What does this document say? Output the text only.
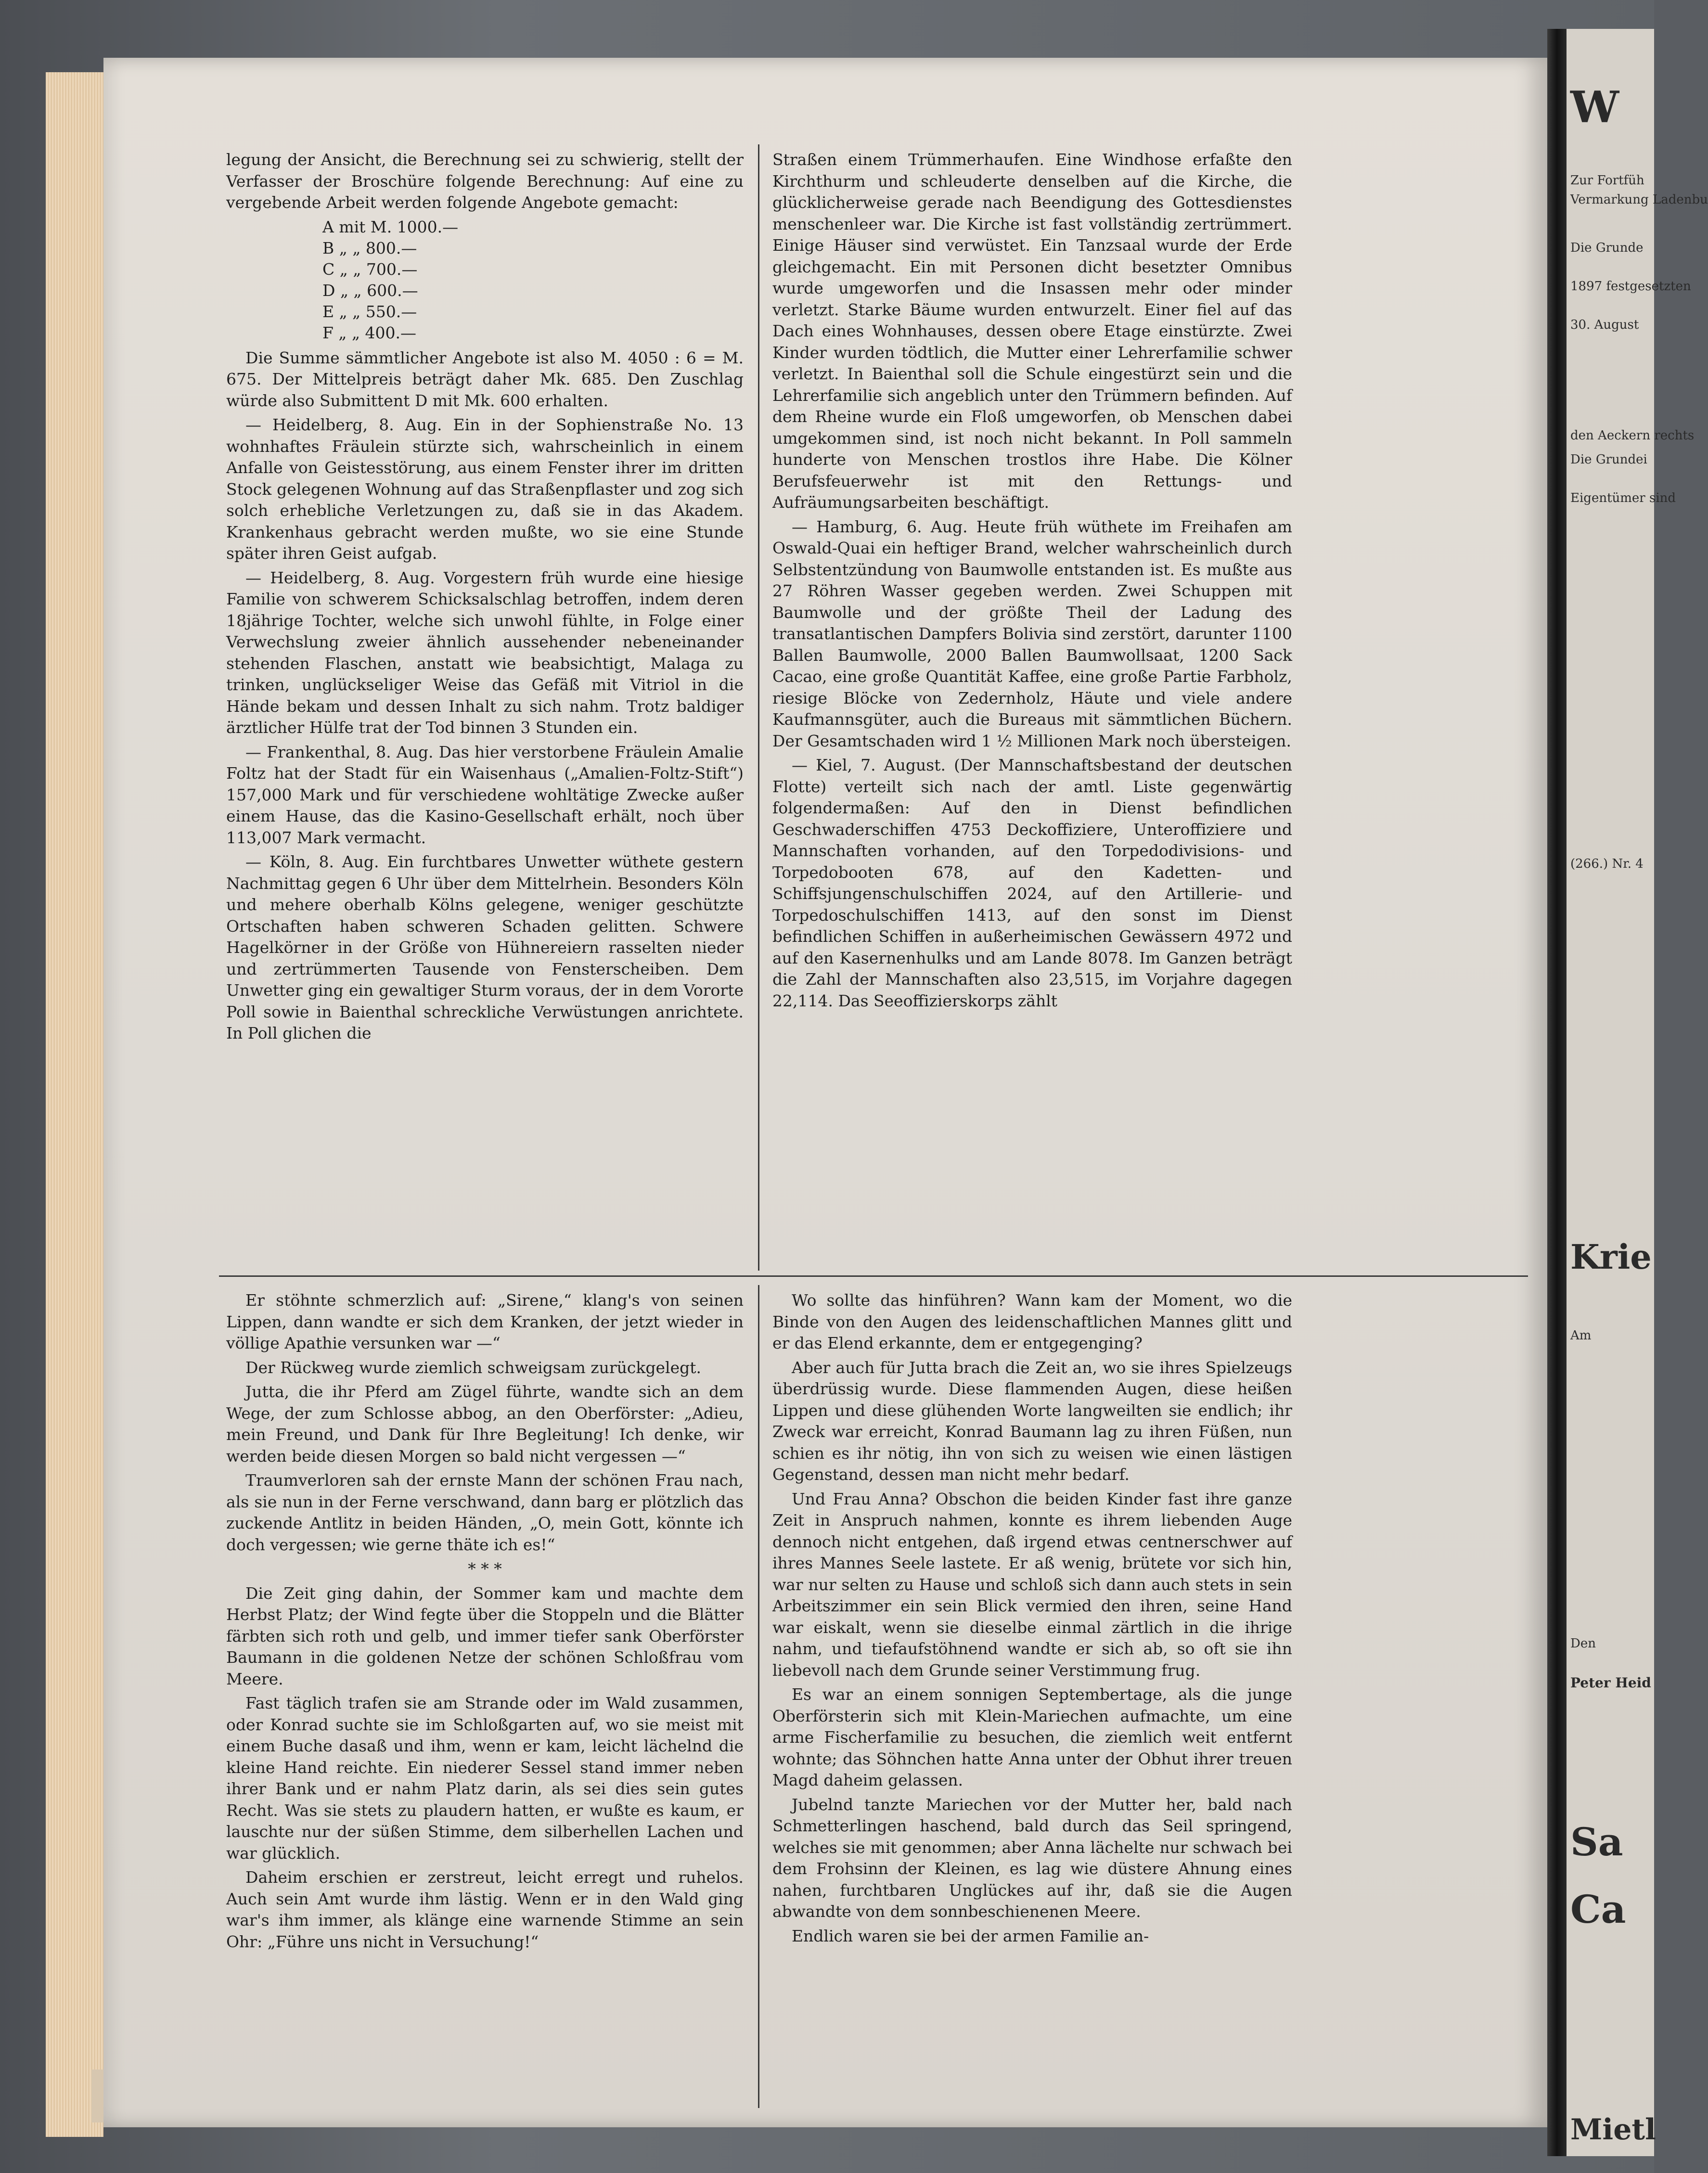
legung der Ansicht, die Berechnung sei zu schwierig, stellt der Verfasser der Broschüre folgende Berechnung: Auf eine zu vergebende Arbeit werden folgende Angebote gemacht:

A mit M. 1000.—
B „ „ 800.—
C „ „ 700.—
D „ „ 600.—
E „ „ 550.—
F „ „ 400.—

Die Summe sämmtlicher Angebote ist also M. 4050 : 6 = M. 675. Der Mittelpreis beträgt daher Mk. 685. Den Zuschlag würde also Submittent D mit Mk. 600 erhalten.

— Heidelberg, 8. Aug. Ein in der Sophienstraße No. 13 wohnhaftes Fräulein stürzte sich, wahrscheinlich in einem Anfalle von Geistesstörung, aus einem Fenster ihrer im dritten Stock gelegenen Wohnung auf das Straßenpflaster und zog sich solch erhebliche Verletzungen zu, daß sie in das Akadem. Krankenhaus gebracht werden mußte, wo sie eine Stunde später ihren Geist aufgab.

— Heidelberg, 8. Aug. Vorgestern früh wurde eine hiesige Familie von schwerem Schicksalschlag betroffen, indem deren 18jährige Tochter, welche sich unwohl fühlte, in Folge einer Verwechslung zweier ähnlich aussehender nebeneinander stehenden Flaschen, anstatt wie beabsichtigt, Malaga zu trinken, unglückseliger Weise das Gefäß mit Vitriol in die Hände bekam und dessen Inhalt zu sich nahm. Trotz baldiger ärztlicher Hülfe trat der Tod binnen 3 Stunden ein.

— Frankenthal, 8. Aug. Das hier verstorbene Fräulein Amalie Foltz hat der Stadt für ein Waisenhaus („Amalien-Foltz-Stift“) 157,000 Mark und für verschiedene wohltätige Zwecke außer einem Hause, das die Kasino-Gesellschaft erhält, noch über 113,007 Mark vermacht.

— Köln, 8. Aug. Ein furchtbares Unwetter wüthete gestern Nachmittag gegen 6 Uhr über dem Mittelrhein. Besonders Köln und mehere oberhalb Kölns gelegene, weniger geschützte Ortschaften haben schweren Schaden gelitten. Schwere Hagelkörner in der Größe von Hühnereiern rasselten nieder und zertrümmerten Tausende von Fensterscheiben. Dem Unwetter ging ein gewaltiger Sturm voraus, der in dem Vororte Poll sowie in Baienthal schreckliche Verwüstungen anrichtete. In Poll glichen die

Straßen einem Trümmerhaufen. Eine Windhose erfaßte den Kirchthurm und schleuderte denselben auf die Kirche, die glücklicherweise gerade nach Beendigung des Gottesdienstes menschenleer war. Die Kirche ist fast vollständig zertrümmert. Einige Häuser sind verwüstet. Ein Tanzsaal wurde der Erde gleichgemacht. Ein mit Personen dicht besetzter Omnibus wurde umgeworfen und die Insassen mehr oder minder verletzt. Starke Bäume wurden entwurzelt. Einer fiel auf das Dach eines Wohnhauses, dessen obere Etage einstürzte. Zwei Kinder wurden tödtlich, die Mutter einer Lehrerfamilie schwer verletzt. In Baienthal soll die Schule eingestürzt sein und die Lehrerfamilie sich angeblich unter den Trümmern befinden. Auf dem Rheine wurde ein Floß umgeworfen, ob Menschen dabei umgekommen sind, ist noch nicht bekannt. In Poll sammeln hunderte von Menschen trostlos ihre Habe. Die Kölner Berufsfeuerwehr ist mit den Rettungs- und Aufräumungsarbeiten beschäftigt.

— Hamburg, 6. Aug. Heute früh wüthete im Freihafen am Oswald-Quai ein heftiger Brand, welcher wahrscheinlich durch Selbstentzündung von Baumwolle entstanden ist. Es mußte aus 27 Röhren Wasser gegeben werden. Zwei Schuppen mit Baumwolle und der größte Theil der Ladung des transatlantischen Dampfers Bolivia sind zerstört, darunter 1100 Ballen Baumwolle, 2000 Ballen Baumwollsaat, 1200 Sack Cacao, eine große Quantität Kaffee, eine große Partie Farbholz, riesige Blöcke von Zedernholz, Häute und viele andere Kaufmannsgüter, auch die Bureaus mit sämmtlichen Büchern. Der Gesamtschaden wird 1 ½ Millionen Mark noch übersteigen.

— Kiel, 7. August. (Der Mannschaftsbestand der deutschen Flotte) verteilt sich nach der amtl. Liste gegenwärtig folgendermaßen: Auf den in Dienst befindlichen Geschwaderschiffen 4753 Deckoffiziere, Unteroffiziere und Mannschaften vorhanden, auf den Torpedodivisions- und Torpedobooten 678, auf den Kadetten- und Schiffsjungenschulschiffen 2024, auf den Artillerie- und Torpedoschulschiffen 1413, auf den sonst im Dienst befindlichen Schiffen in außerheimischen Gewässern 4972 und auf den Kasernenhulks und am Lande 8078. Im Ganzen beträgt die Zahl der Mannschaften also 23,515, im Vorjahre dagegen 22,114. Das Seeoffizierskorps zählt

Er stöhnte schmerzlich auf: „Sirene,“ klang's von seinen Lippen, dann wandte er sich dem Kranken, der jetzt wieder in völlige Apathie versunken war —“

Der Rückweg wurde ziemlich schweigsam zurückgelegt.

Jutta, die ihr Pferd am Zügel führte, wandte sich an dem Wege, der zum Schlosse abbog, an den Oberförster: „Adieu, mein Freund, und Dank für Ihre Begleitung! Ich denke, wir werden beide diesen Morgen so bald nicht vergessen —“

Traumverloren sah der ernste Mann der schönen Frau nach, als sie nun in der Ferne verschwand, dann barg er plötzlich das zuckende Antlitz in beiden Händen, „O, mein Gott, könnte ich doch vergessen; wie gerne thäte ich es!“

* * *

Die Zeit ging dahin, der Sommer kam und machte dem Herbst Platz; der Wind fegte über die Stoppeln und die Blätter färbten sich roth und gelb, und immer tiefer sank Oberförster Baumann in die goldenen Netze der schönen Schloßfrau vom Meere.

Fast täglich trafen sie am Strande oder im Wald zusammen, oder Konrad suchte sie im Schloßgarten auf, wo sie meist mit einem Buche dasaß und ihm, wenn er kam, leicht lächelnd die kleine Hand reichte. Ein niederer Sessel stand immer neben ihrer Bank und er nahm Platz darin, als sei dies sein gutes Recht. Was sie stets zu plaudern hatten, er wußte es kaum, er lauschte nur der süßen Stimme, dem silberhellen Lachen und war glücklich.

Daheim erschien er zerstreut, leicht erregt und ruhelos. Auch sein Amt wurde ihm lästig. Wenn er in den Wald ging war's ihm immer, als klänge eine warnende Stimme an sein Ohr: „Führe uns nicht in Versuchung!“

Wo sollte das hinführen? Wann kam der Moment, wo die Binde von den Augen des leidenschaftlichen Mannes glitt und er das Elend erkannte, dem er entgegenging?

Aber auch für Jutta brach die Zeit an, wo sie ihres Spielzeugs überdrüssig wurde. Diese flammenden Augen, diese heißen Lippen und diese glühenden Worte langweilten sie endlich; ihr Zweck war erreicht, Konrad Baumann lag zu ihren Füßen, nun schien es ihr nötig, ihn von sich zu weisen wie einen lästigen Gegenstand, dessen man nicht mehr bedarf.

Und Frau Anna? Obschon die beiden Kinder fast ihre ganze Zeit in Anspruch nahmen, konnte es ihrem liebenden Auge dennoch nicht entgehen, daß irgend etwas centnerschwer auf ihres Mannes Seele lastete. Er aß wenig, brütete vor sich hin, war nur selten zu Hause und schloß sich dann auch stets in sein Arbeitszimmer ein sein Blick vermied den ihren, seine Hand war eiskalt, wenn sie dieselbe einmal zärtlich in die ihrige nahm, und tiefaufstöhnend wandte er sich ab, so oft sie ihn liebevoll nach dem Grunde seiner Verstimmung frug.

Es war an einem sonnigen Septembertage, als die junge Oberförsterin sich mit Klein-Mariechen aufmachte, um eine arme Fischerfamilie zu besuchen, die ziemlich weit entfernt wohnte; das Söhnchen hatte Anna unter der Obhut ihrer treuen Magd daheim gelassen.

Jubelnd tanzte Mariechen vor der Mutter her, bald nach Schmetterlingen haschend, bald durch das Seil springend, welches sie mit genommen; aber Anna lächelte nur schwach bei dem Frohsinn der Kleinen, es lag wie düstere Ahnung eines nahen, furchtbaren Unglückes auf ihr, daß sie die Augen abwandte von dem sonnbeschienenen Meere.

Endlich waren sie bei der armen Familie an-

W
Zur Fortfüh
Vermarkung Ladenbu
1897 festgesetzten
Die Grunde
den Aeckern rechts
30. August
Die Grundei
Eigentümer sind
(266.) Nr. 4
Krie
Am
Den
Peter Heid
Sa
Ca
Mietl
